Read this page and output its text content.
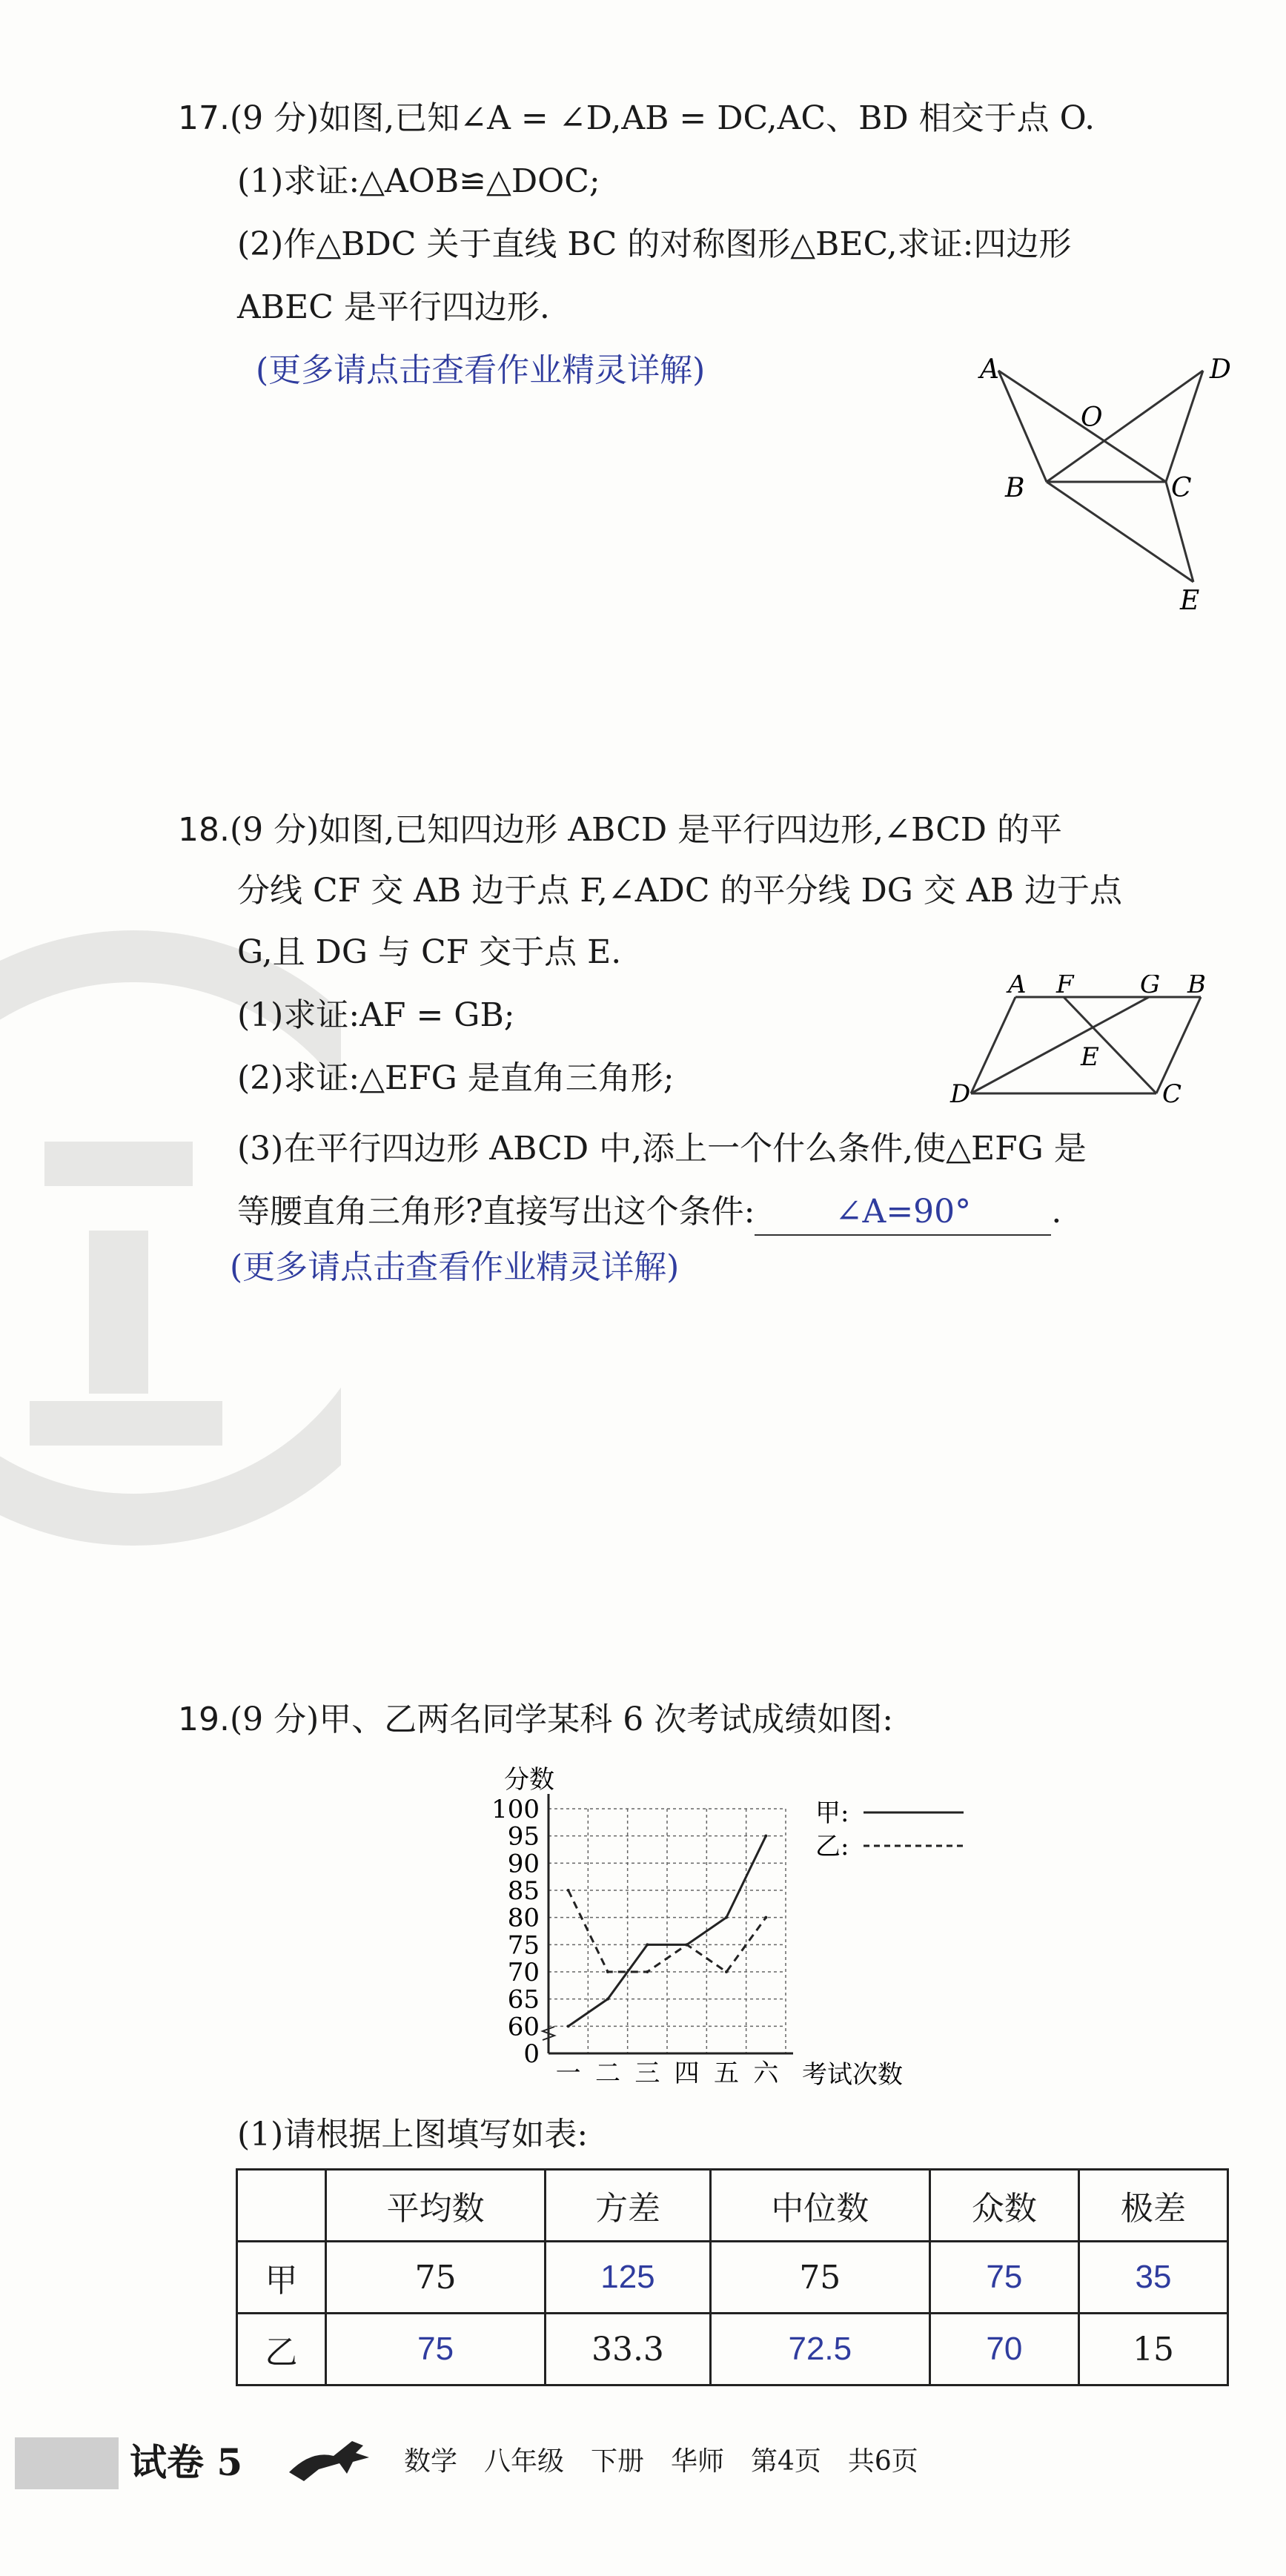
17.(9 分)如图,已知∠A = ∠D,AB = DC,AC、BD 相交于点 O.
(1)求证:△AOB≌△DOC;
(2)作△BDC 关于直线 BC 的对称图形△BEC,求证:四边形
ABEC 是平行四边形.
(更多请点击查看作业精灵详解)	A	D
O
B	C
E
18.(9 分)如图,已知四边形 ABCD 是平行四边形,∠BCD 的平
分线 CF 交 AB 边于点 F,∠ADC 的平分线 DG 交 AB 边于点
G,且 DG 与 CF 交于点 E.
(1)求证:AF = GB;
(2)求证:△EFG 是直角三角形;
(3)在平行四边形 ABCD 中,添上一个什么条件,使△EFG 是
等腰直角三角形?直接写出这个条件: ∠A=90° .
(更多请点击查看作业精灵详解)
A F	G B
E
D	C
19.(9 分)甲、乙两名同学某科 6 次考试成绩如图:
0
60
65
70
75
80
85
90
95
100
一 二 三 四 五 六
分数
考试次数
甲:
乙:
(1)请根据上图填写如表:
	平均数	方差	中位数	众数	极差
甲	75	125	75	75	35
乙	75	33.3	72.5	70	15
试卷 5	数学　八年级　下册　华师　第4页　共6页
